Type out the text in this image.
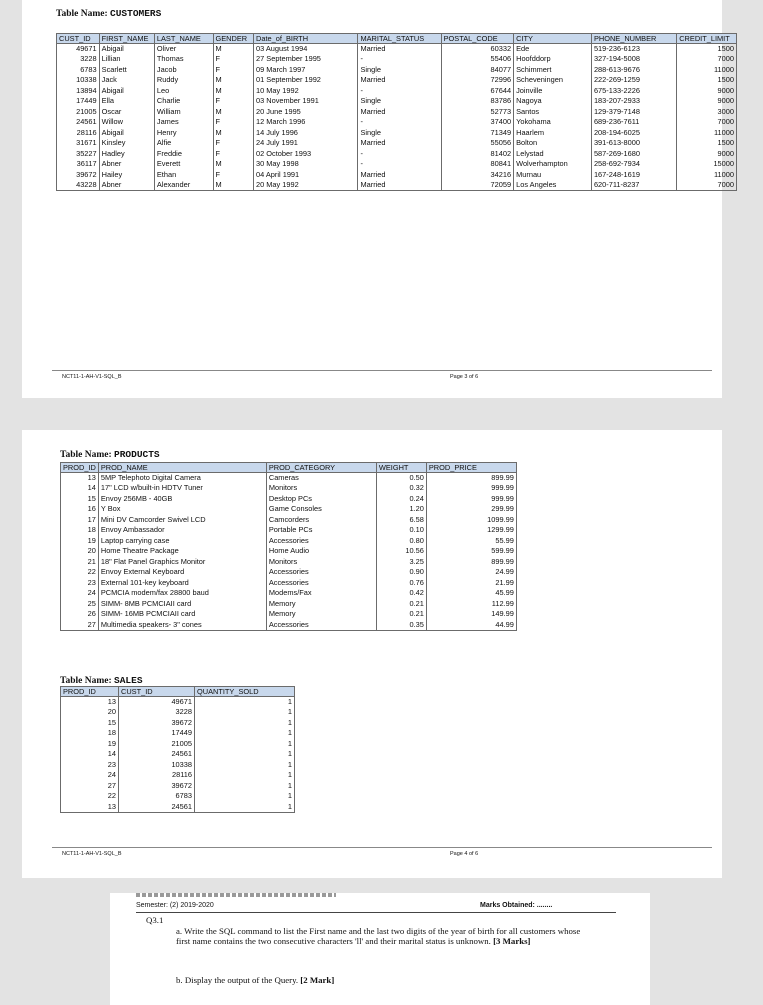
Table Name: CUSTOMERS
CUST_ID	FIRST_NAME	LAST_NAME	GENDER	Date_of_BIRTH	MARITAL_STATUS	POSTAL_CODE	CITY	PHONE_NUMBER	CREDIT_LIMIT
49671	Abigail	Oliver	M	03 August 1994	Married	60332	Ede	519-236-6123	1500
3228	Lillian	Thomas	F	27 September 1995	-	55406	Hoofddorp	327-194-5008	7000
6783	Scarlett	Jacob	F	09 March 1997	Single	84077	Schimmert	288-613-9676	11000
10338	Jack	Ruddy	M	01 September 1992	Married	72996	Scheveningen	222-269-1259	1500
13894	Abigail	Leo	M	10 May 1992	-	67644	Joinville	675-133-2226	9000
17449	Ella	Charlie	F	03 November 1991	Single	83786	Nagoya	183-207-2933	9000
21005	Oscar	William	M	20 June 1995	Married	52773	Santos	129-379-7148	3000
24561	Willow	James	F	12 March 1996	-	37400	Yokohama	689-236-7611	7000
28116	Abigail	Henry	M	14 July 1996	Single	71349	Haarlem	208-194-6025	11000
31671	Kinsley	Alfie	F	24 July 1991	Married	55056	Bolton	391-613-8000	1500
35227	Hadley	Freddie	F	02 October 1993	-	81402	Lelystad	587-269-1680	9000
36117	Abner	Everett	M	30 May 1998	-	80841	Wolverhampton	258-692-7934	15000
39672	Hailey	Ethan	F	04 April 1991	Married	34216	Murnau	167-248-1619	11000
43228	Abner	Alexander	M	20 May 1992	Married	72059	Los Angeles	620-711-8237	7000
NCT11-1-AH-V1-SQL_B	Page 3 of 6
Table Name: PRODUCTS
PROD_ID	PROD_NAME	PROD_CATEGORY	WEIGHT	PROD_PRICE
13	5MP Telephoto Digital Camera	Cameras	0.50	899.99
14	17" LCD w/built-in HDTV Tuner	Monitors	0.32	999.99
15	Envoy 256MB - 40GB	Desktop PCs	0.24	999.99
16	Y Box	Game Consoles	1.20	299.99
17	Mini DV Camcorder Swivel LCD	Camcorders	6.58	1099.99
18	Envoy Ambassador	Portable PCs	0.10	1299.99
19	Laptop carrying case	Accessories	0.80	55.99
20	Home Theatre Package	Home Audio	10.56	599.99
21	18" Flat Panel Graphics Monitor	Monitors	3.25	899.99
22	Envoy External Keyboard	Accessories	0.90	24.99
23	External 101-key keyboard	Accessories	0.76	21.99
24	PCMCIA modem/fax 28800 baud	Modems/Fax	0.42	45.99
25	SIMM- 8MB PCMCIAII card	Memory	0.21	112.99
26	SIMM- 16MB PCMCIAII card	Memory	0.21	149.99
27	Multimedia speakers- 3" cones	Accessories	0.35	44.99
Table Name: SALES
PROD_ID	CUST_ID	QUANTITY_SOLD
13	49671	1
20	3228	1
15	39672	1
18	17449	1
19	21005	1
14	24561	1
23	10338	1
24	28116	1
27	39672	1
22	6783	1
13	24561	1
NCT11-1-AH-V1-SQL_B	Page 4 of 6
Semester: (2) 2019-2020	Marks Obtained: ........
Q3.1
a. Write the SQL command to list the First name and the last two digits of the year of birth for all customers whose first name contains the two consecutive characters 'll' and their marital status is unknown. [3 Marks]
b. Display the output of the Query. [2 Mark]
